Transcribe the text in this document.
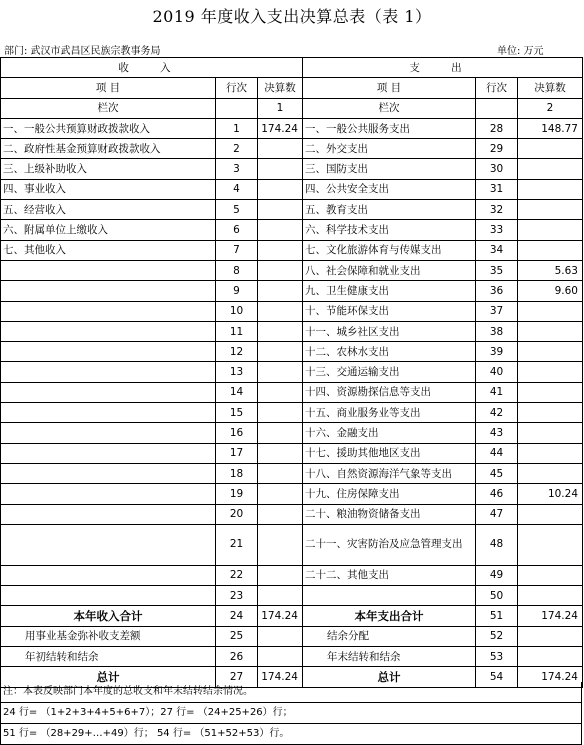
2019 年度收入支出决算总表（表 1）
部门: 武汉市武昌区民族宗教事务局	单位: 万元
收 入			支 出		
项 目	行次	决算数	项 目	行次	决算数
栏次		1	栏次		2
一、一般公共预算财政拨款收入	1	174.24	一、一般公共服务支出	28	148.77
二、政府性基金预算财政拨款收入	2		二、外交支出	29	
三、上级补助收入	3		三、国防支出	30	
四、事业收入	4		四、公共安全支出	31	
五、经营收入	5		五、教育支出	32	
六、附属单位上缴收入	6		六、科学技术支出	33	
七、其他收入	7		七、文化旅游体育与传媒支出	34	
	8		八、社会保障和就业支出	35	5.63
	9		九、卫生健康支出	36	9.60
	10		十、节能环保支出	37	
	11		十一、城乡社区支出	38	
	12		十二、农林水支出	39	
	13		十三、交通运输支出	40	
	14		十四、资源勘探信息等支出	41	
	15		十五、商业服务业等支出	42	
	16		十六、金融支出	43	
	17		十七、援助其他地区支出	44	
	18		十八、自然资源海洋气象等支出	45	
	19		十九、住房保障支出	46	10.24
	20		二十、粮油物资储备支出	47	
	21		二十一、灾害防治及应急管理支出	48	
	22		二十二、其他支出	49	
	23			50	
本年收入合计	24	174.24	本年支出合计	51	174.24
用事业基金弥补收支差额	25		结余分配	52	
年初结转和结余	26		年末结转和结余	53	
总计	27	174.24	总计	54	174.24
注：本表反映部门本年度的总收支和年末结转结余情况。
24 行= （1+2+3+4+5+6+7）；27 行= （24+25+26）行；
51 行= （28+29+…+49）行； 54 行= （51+52+53）行。
